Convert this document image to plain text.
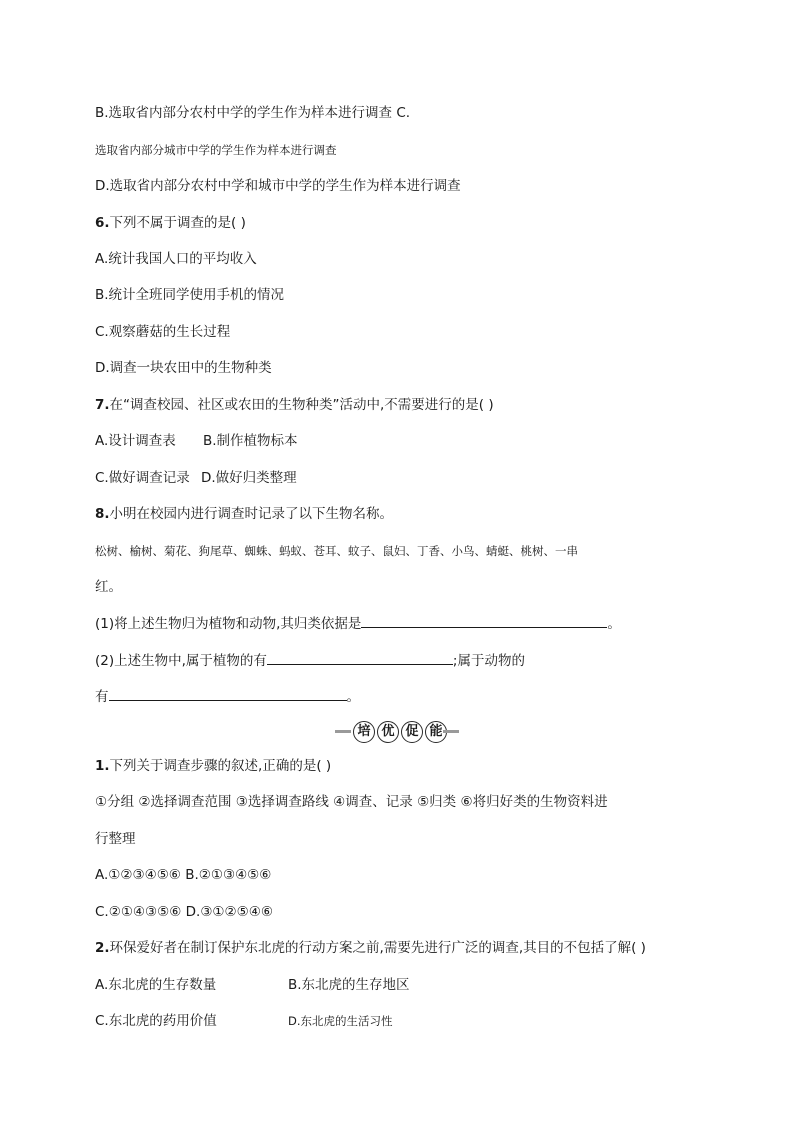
B.选取省内部分农村中学的学生作为样本进行调查 C.
选取省内部分城市中学的学生作为样本进行调查
D.选取省内部分农村中学和城市中学的学生作为样本进行调查
6.下列不属于调查的是( )
A.统计我国人口的平均收入
B.统计全班同学使用手机的情况
C.观察蘑菇的生长过程
D.调查一块农田中的生物种类
7.在“调查校园、社区或农田的生物种类”活动中,不需要进行的是( )
A.设计调查表 B.制作植物标本
C.做好调查记录 D.做好归类整理
8.小明在校园内进行调查时记录了以下生物名称。
松树、榆树、菊花、狗尾草、蜘蛛、蚂蚁、苍耳、蚊子、鼠妇、丁香、小鸟、蜻蜓、桃树、一串
红。
(1)将上述生物归为植物和动物,其归类依据是	。
(2)上述生物中,属于植物的有	;属于动物的
有	。
培 优 促 能
1.下列关于调查步骤的叙述,正确的是( )
①分组 ②选择调查范围 ③选择调查路线 ④调查、记录 ⑤归类 ⑥将归好类的生物资料进
行整理
A.①②③④⑤⑥ B.②①③④⑤⑥
C.②①④③⑤⑥ D.③①②⑤④⑥
2.环保爱好者在制订保护东北虎的行动方案之前,需要先进行广泛的调查,其目的不包括了解( )
A.东北虎的生存数量	B.东北虎的生存地区
C.东北虎的药用价值	D.东北虎的生活习性
